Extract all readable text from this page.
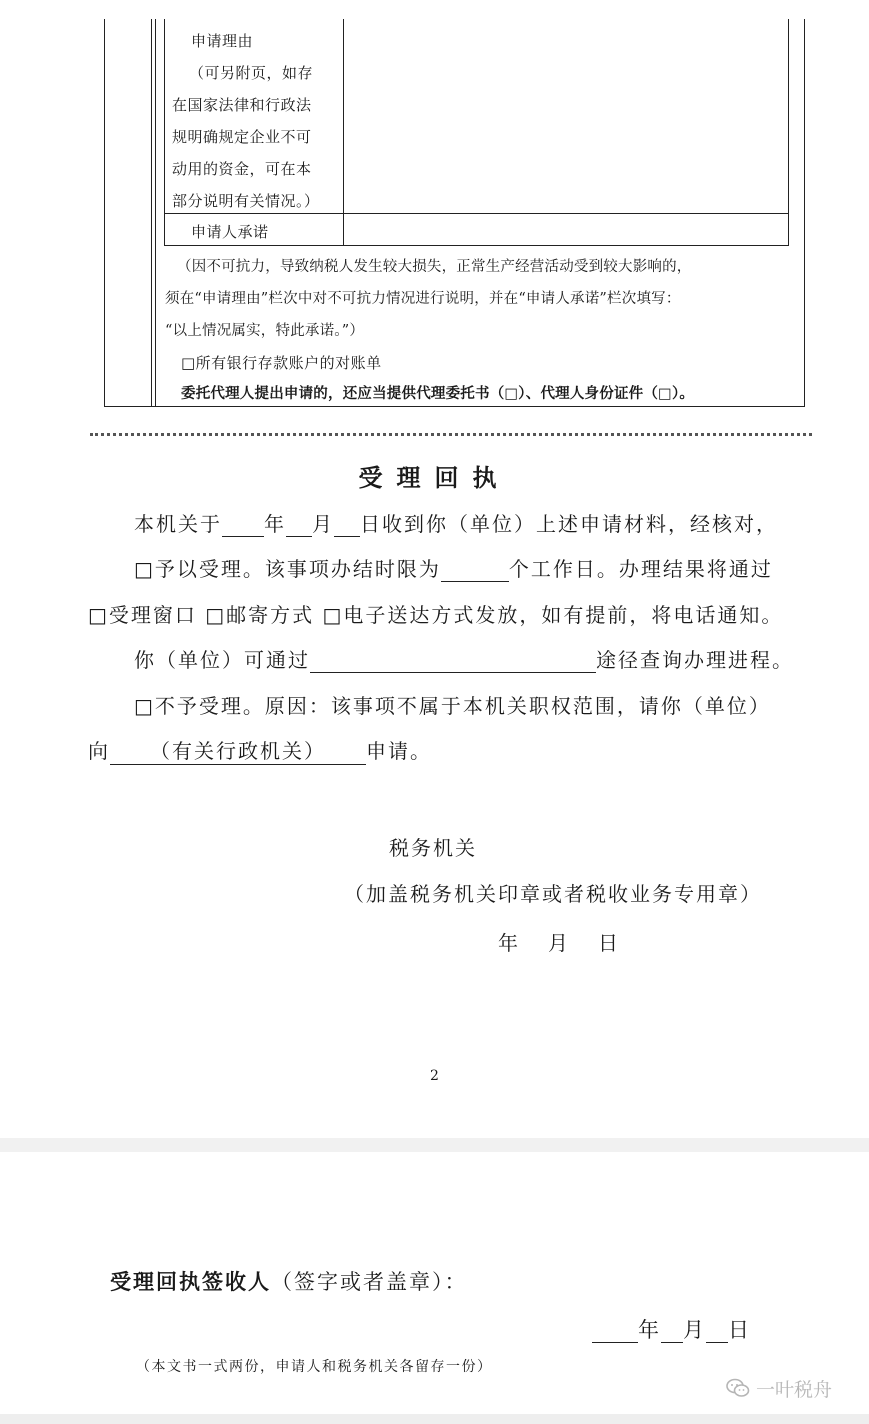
申请理由
（可另附页，如存
在国家法律和行政法
规明确规定企业不可
动用的资金，可在本
部分说明有关情况。）
申请人承诺
（因不可抗力，导致纳税人发生较大损失，正常生产经营活动受到较大影响的，
须在“申请理由”栏次中对不可抗力情况进行说明，并在“申请人承诺”栏次填写：
“以上情况属实，特此承诺。”）
□所有银行存款账户的对账单
委托代理人提出申请的，还应当提供代理委托书（□）、代理人身份证件（□）。
受理回执
本机关于 年 月 日收到你（单位）上述申请材料，经核对，
□予以受理。该事项办结时限为	个工作日。办理结果将通过
□受理窗口 □邮寄方式 □电子送达方式发放，如有提前，将电话通知。
你（单位）可通过	途径查询办理进程。
□不予受理。原因：该事项不属于本机关职权范围，请你（单位）
向 （有关行政机关） 申请。
税务机关
（加盖税务机关印章或者税收业务专用章）
年 月 日
2
受理回执签收人（签字或者盖章）：
年 月 日
（本文书一式两份，申请人和税务机关各留存一份）
一叶税舟
